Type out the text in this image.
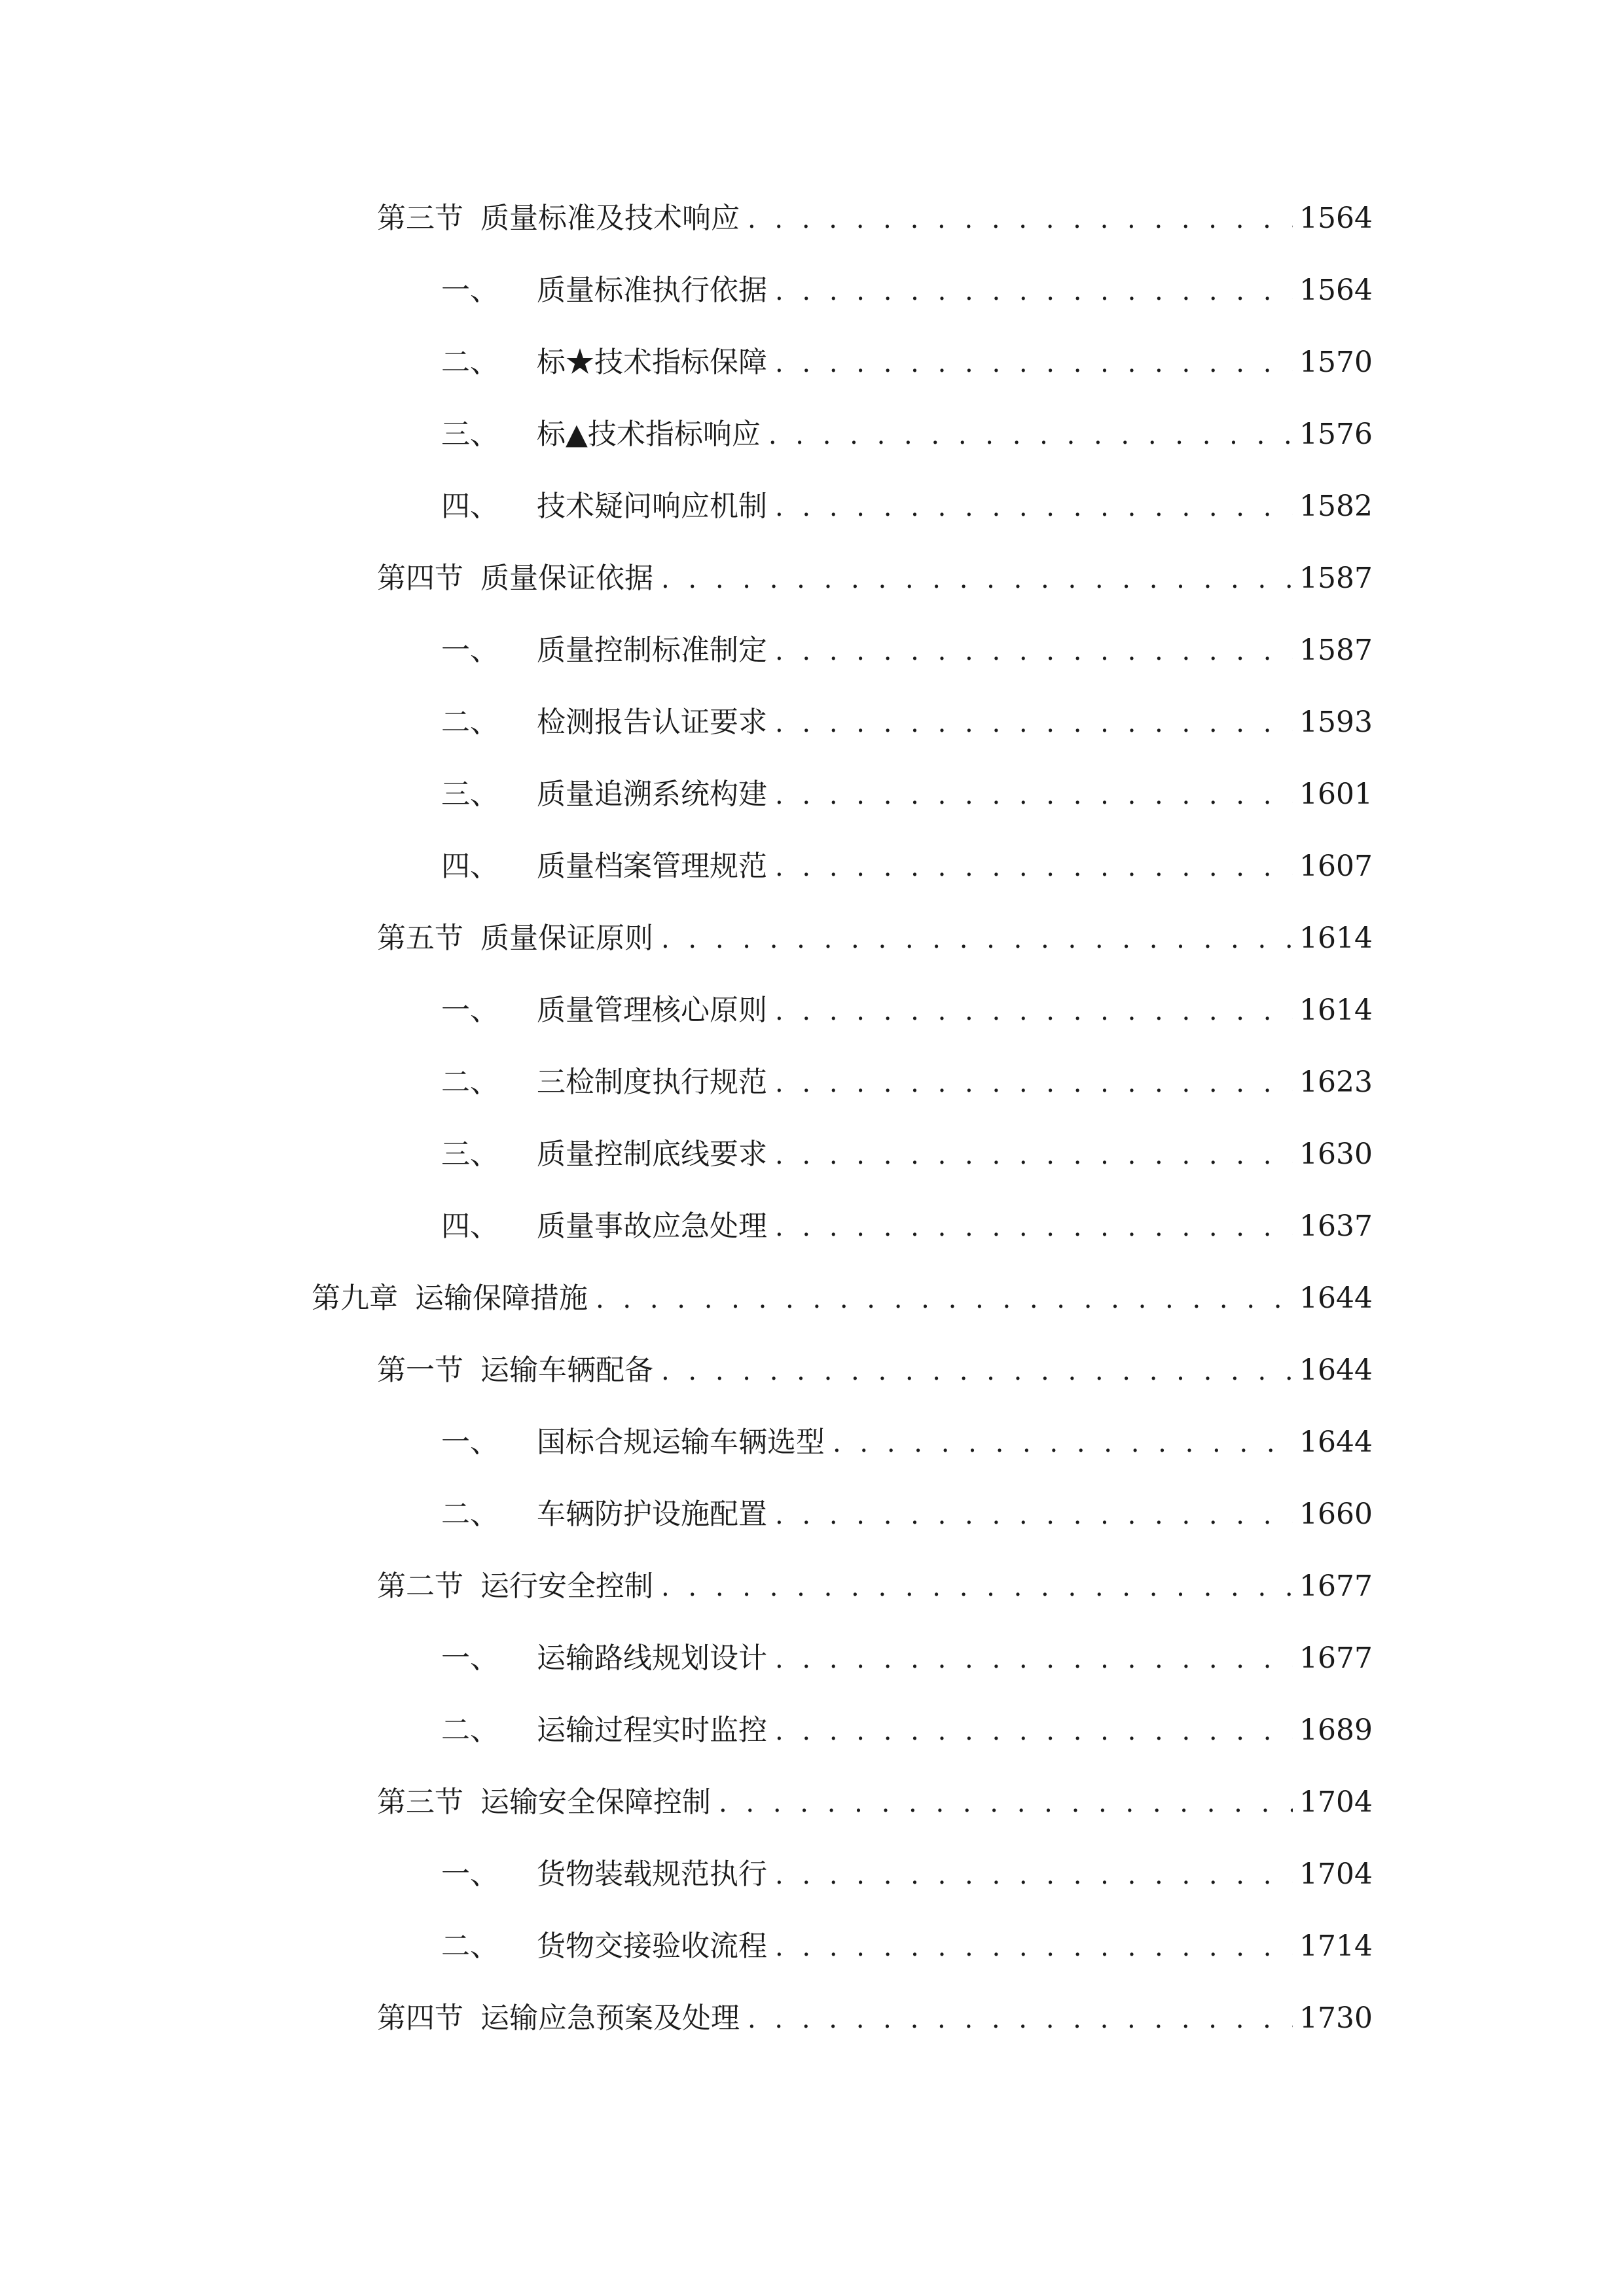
第三节 质量标准及技术响应 . . .	1564
一、 质量标准执行依据 . . .	1564
二、 标★技术指标保障 . . .	1570
三、 标▲技术指标响应 . . .	1576
四、 技术疑问响应机制 . . .	1582
第四节 质量保证依据 . . .	1587
一、 质量控制标准制定 . . .	1587
二、 检测报告认证要求 . . .	1593
三、 质量追溯系统构建 . . .	1601
四、 质量档案管理规范 . . .	1607
第五节 质量保证原则 . . .	1614
一、 质量管理核心原则 . . .	1614
二、 三检制度执行规范 . . .	1623
三、 质量控制底线要求 . . .	1630
四、 质量事故应急处理 . . .	1637
第九章 运输保障措施 . . .	1644
第一节 运输车辆配备 . . .	1644
一、 国标合规运输车辆选型 . . .	1644
二、 车辆防护设施配置 . . .	1660
第二节 运行安全控制 . . .	1677
一、 运输路线规划设计 . . .	1677
二、 运输过程实时监控 . . .	1689
第三节 运输安全保障控制 . . .	1704
一、 货物装载规范执行 . . .	1704
二、 货物交接验收流程 . . .	1714
第四节 运输应急预案及处理 . . .	1730
